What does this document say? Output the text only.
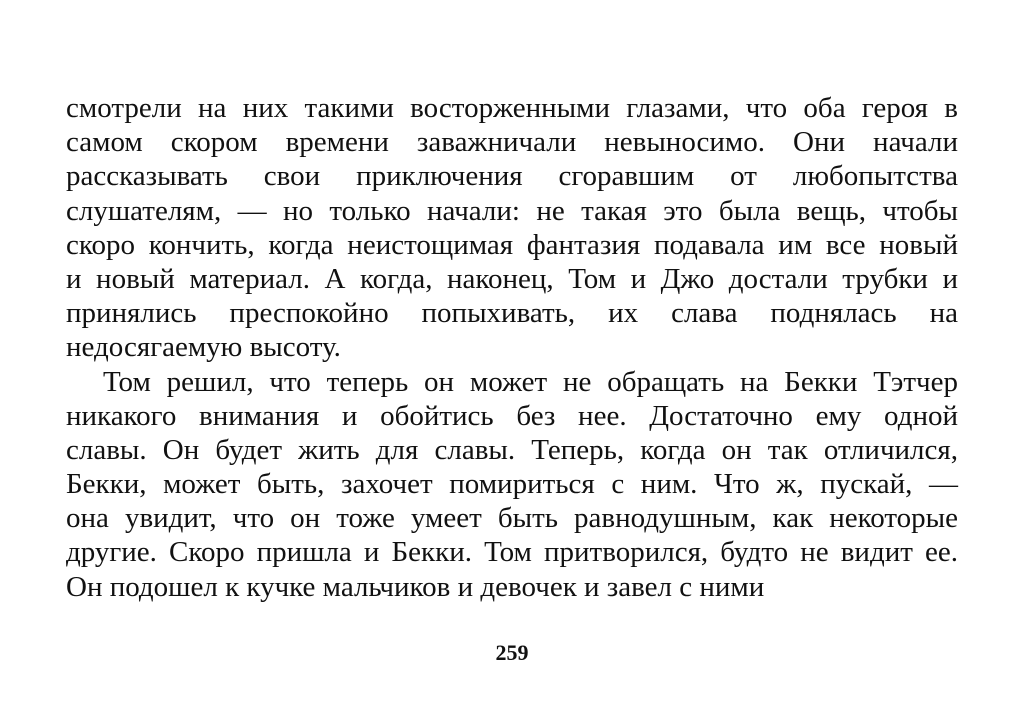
смотрели на них такими восторженными глазами, что оба героя в
самом скором времени заважничали невыносимо. Они начали
рассказывать свои приключения сгоравшим от любопытства
слушателям, — но только начали: не такая это была вещь, чтобы
скоро кончить, когда неистощимая фантазия подавала им все новый
и новый материал. А когда, наконец, Том и Джо достали трубки и
принялись преспокойно попыхивать, их слава поднялась на
недосягаемую высоту.
Том решил, что теперь он может не обращать на Бекки Тэтчер
никакого внимания и обойтись без нее. Достаточно ему одной
славы. Он будет жить для славы. Теперь, когда он так отличился,
Бекки, может быть, захочет помириться с ним. Что ж, пускай, —
она увидит, что он тоже умеет быть равнодушным, как некоторые
другие. Скоро пришла и Бекки. Том притворился, будто не видит ее.
Он подошел к кучке мальчиков и девочек и завел с ними
259
